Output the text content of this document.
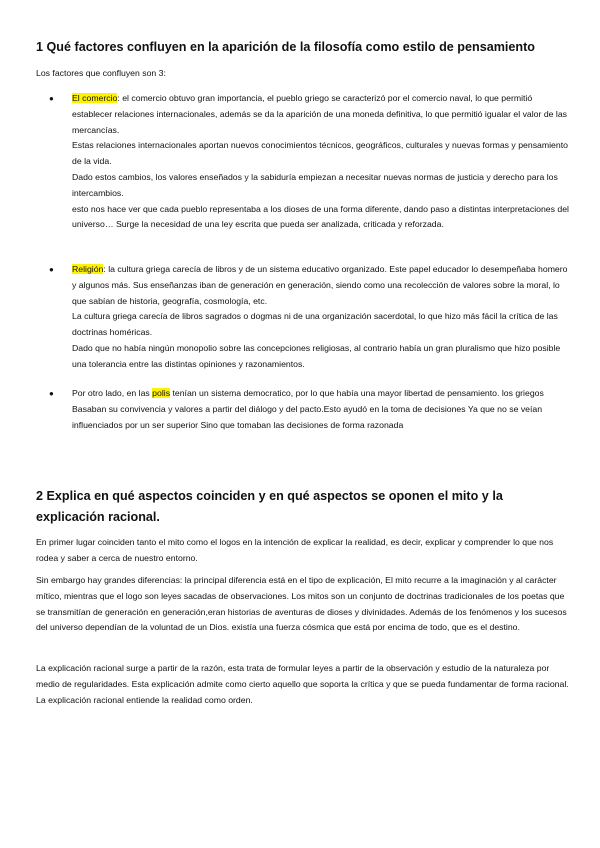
1 Qué factores confluyen en la aparición de la filosofía como estilo de pensamiento

Los factores que confluyen son 3:

● El comercio: el comercio obtuvo gran importancia, el pueblo griego se caracterizó por el comercio naval, lo que permitió establecer relaciones internacionales, además se da la aparición de una moneda definitiva, lo que permitió igualar el valor de las mercancías.
Estas relaciones internacionales aportan nuevos conocimientos técnicos, geográficos, culturales y nuevas formas y pensamiento de la vida.
Dado estos cambios, los valores enseñados y la sabiduría empiezan a necesitar nuevas normas de justicia y derecho para los intercambios.
esto nos hace ver que cada pueblo representaba a los dioses de una forma diferente, dando paso a distintas interpretaciones del universo… Surge la necesidad de una ley escrita que pueda ser analizada, criticada y reforzada.
● Religión: la cultura griega carecía de libros y de un sistema educativo organizado. Este papel educador lo desempeñaba homero y algunos más. Sus enseñanzas iban de generación en generación, siendo como una recolección de valores sobre la moral, lo que sabían de historia, geografía, cosmología, etc.
La cultura griega carecía de libros sagrados o dogmas ni de una organización sacerdotal, lo que hizo más fácil la crítica de las doctrinas homéricas.
Dado que no había ningún monopolio sobre las concepciones religiosas, al contrario había un gran pluralismo que hizo posible una tolerancia entre las distintas opiniones y razonamientos.
● Por otro lado, en las polis tenían un sistema democratico, por lo que había una mayor libertad de pensamiento. los griegos Basaban su convivencia y valores a partir del diálogo y del pacto.Esto ayudó en la toma de decisiones Ya que no se veían influenciados por un ser superior Sino que tomaban las decisiones de forma razonada
2 Explica en qué aspectos coinciden y en qué aspectos se oponen el mito y la explicación racional.

En primer lugar coinciden tanto el mito como el logos en la intención de explicar la realidad, es decir, explicar y comprender lo que nos rodea y saber a cerca de nuestro entorno.

Sin embargo hay grandes diferencias: la principal diferencia está en el tipo de explicación, El mito recurre a la imaginación y al carácter mítico, mientras que el logo son leyes sacadas de observaciones. Los mitos son un conjunto de doctrinas tradicionales de los poetas que se transmitían de generación en generación,eran historias de aventuras de dioses y divinidades. Además de los fenómenos y los sucesos del universo dependían de la voluntad de un Dios. existía una fuerza cósmica que está por encima de todo, que es el destino.

La explicación racional surge a partir de la razón, esta trata de formular leyes a partir de la observación y estudio de la naturaleza por medio de regularidades. Esta explicación admite como cierto aquello que soporta la crítica y que se pueda fundamentar de forma racional. La explicación racional entiende la realidad como orden.
